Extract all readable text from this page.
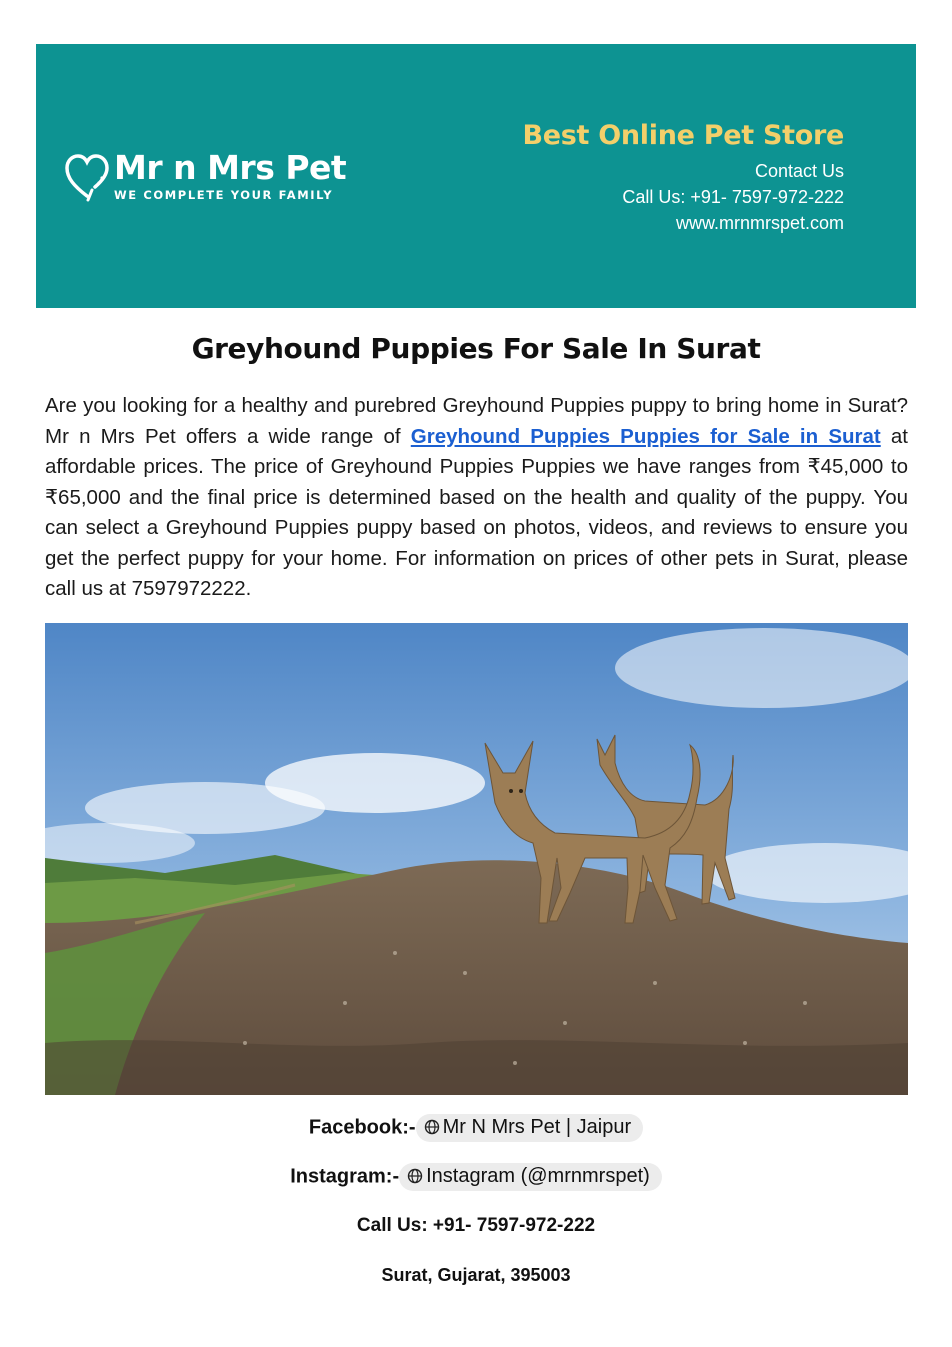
Mr n Mrs Pet
WE COMPLETE YOUR FAMILY
Best Online Pet Store
Contact Us
Call Us: +91- 7597-972-222
www.mrnmrspet.com
Greyhound Puppies For Sale In Surat

Are you looking for a healthy and purebred Greyhound Puppies puppy to bring home in Surat? Mr n Mrs Pet offers a wide range of Greyhound Puppies Puppies for Sale in Surat at affordable prices. The price of Greyhound Puppies Puppies we have ranges from ₹45,000 to ₹65,000 and the final price is determined based on the health and quality of the puppy. You can select a Greyhound Puppies puppy based on photos, videos, and reviews to ensure you get the perfect puppy for your home. For information on prices of other pets in Surat, please call us at 7597972222.

Facebook:- Mr N Mrs Pet | Jaipur
Instagram:- Instagram (@mrnmrspet)
Call Us: +91- 7597-972-222
Surat, Gujarat, 395003
